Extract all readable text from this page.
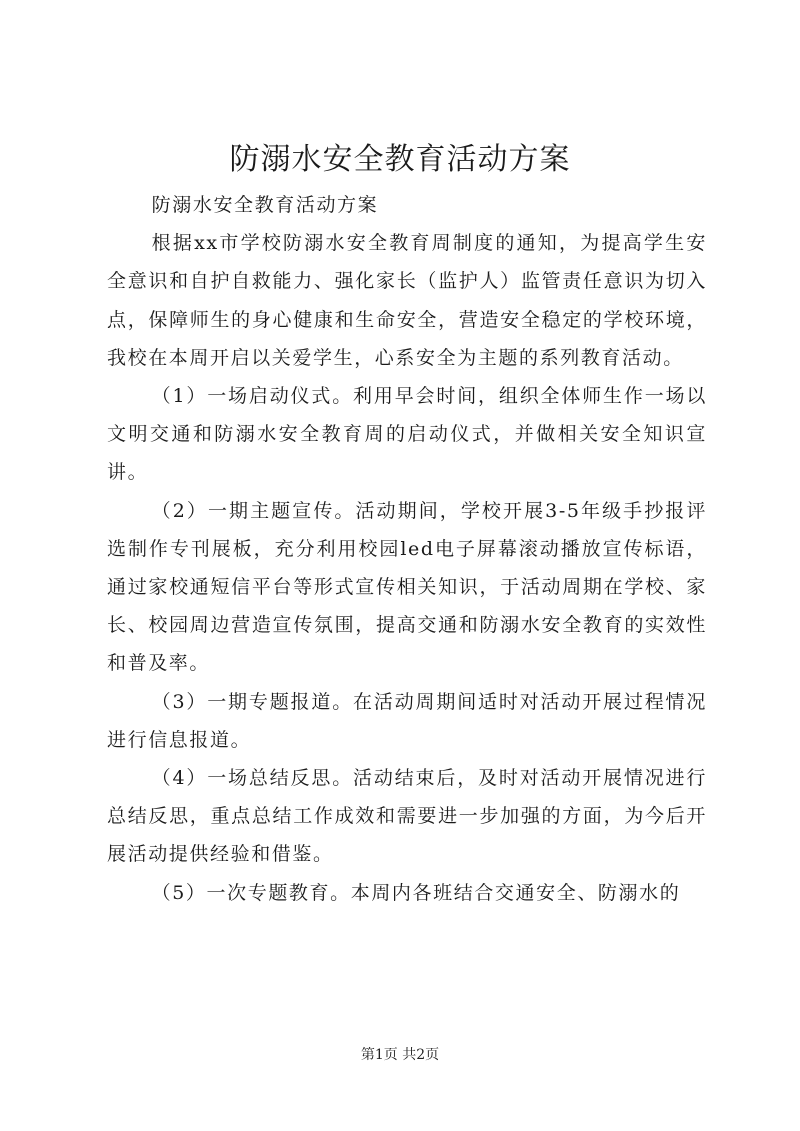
防溺水安全教育活动方案

防溺水安全教育活动方案

根据xx市学校防溺水安全教育周制度的通知，为提高学生安全意识和自护自救能力、强化家长（监护人）监管责任意识为切入点，保障师生的身心健康和生命安全，营造安全稳定的学校环境，我校在本周开启以关爱学生，心系安全为主题的系列教育活动。

（1）一场启动仪式。利用早会时间，组织全体师生作一场以文明交通和防溺水安全教育周的启动仪式，并做相关安全知识宣讲。

（2）一期主题宣传。活动期间，学校开展3-5年级手抄报评选制作专刊展板，充分利用校园led电子屏幕滚动播放宣传标语，通过家校通短信平台等形式宣传相关知识，于活动周期在学校、家长、校园周边营造宣传氛围，提高交通和防溺水安全教育的实效性和普及率。

（3）一期专题报道。在活动周期间适时对活动开展过程情况进行信息报道。

（4）一场总结反思。活动结束后，及时对活动开展情况进行总结反思，重点总结工作成效和需要进一步加强的方面，为今后开展活动提供经验和借鉴。

（5）一次专题教育。本周内各班结合交通安全、防溺水的

第1页 共2页
